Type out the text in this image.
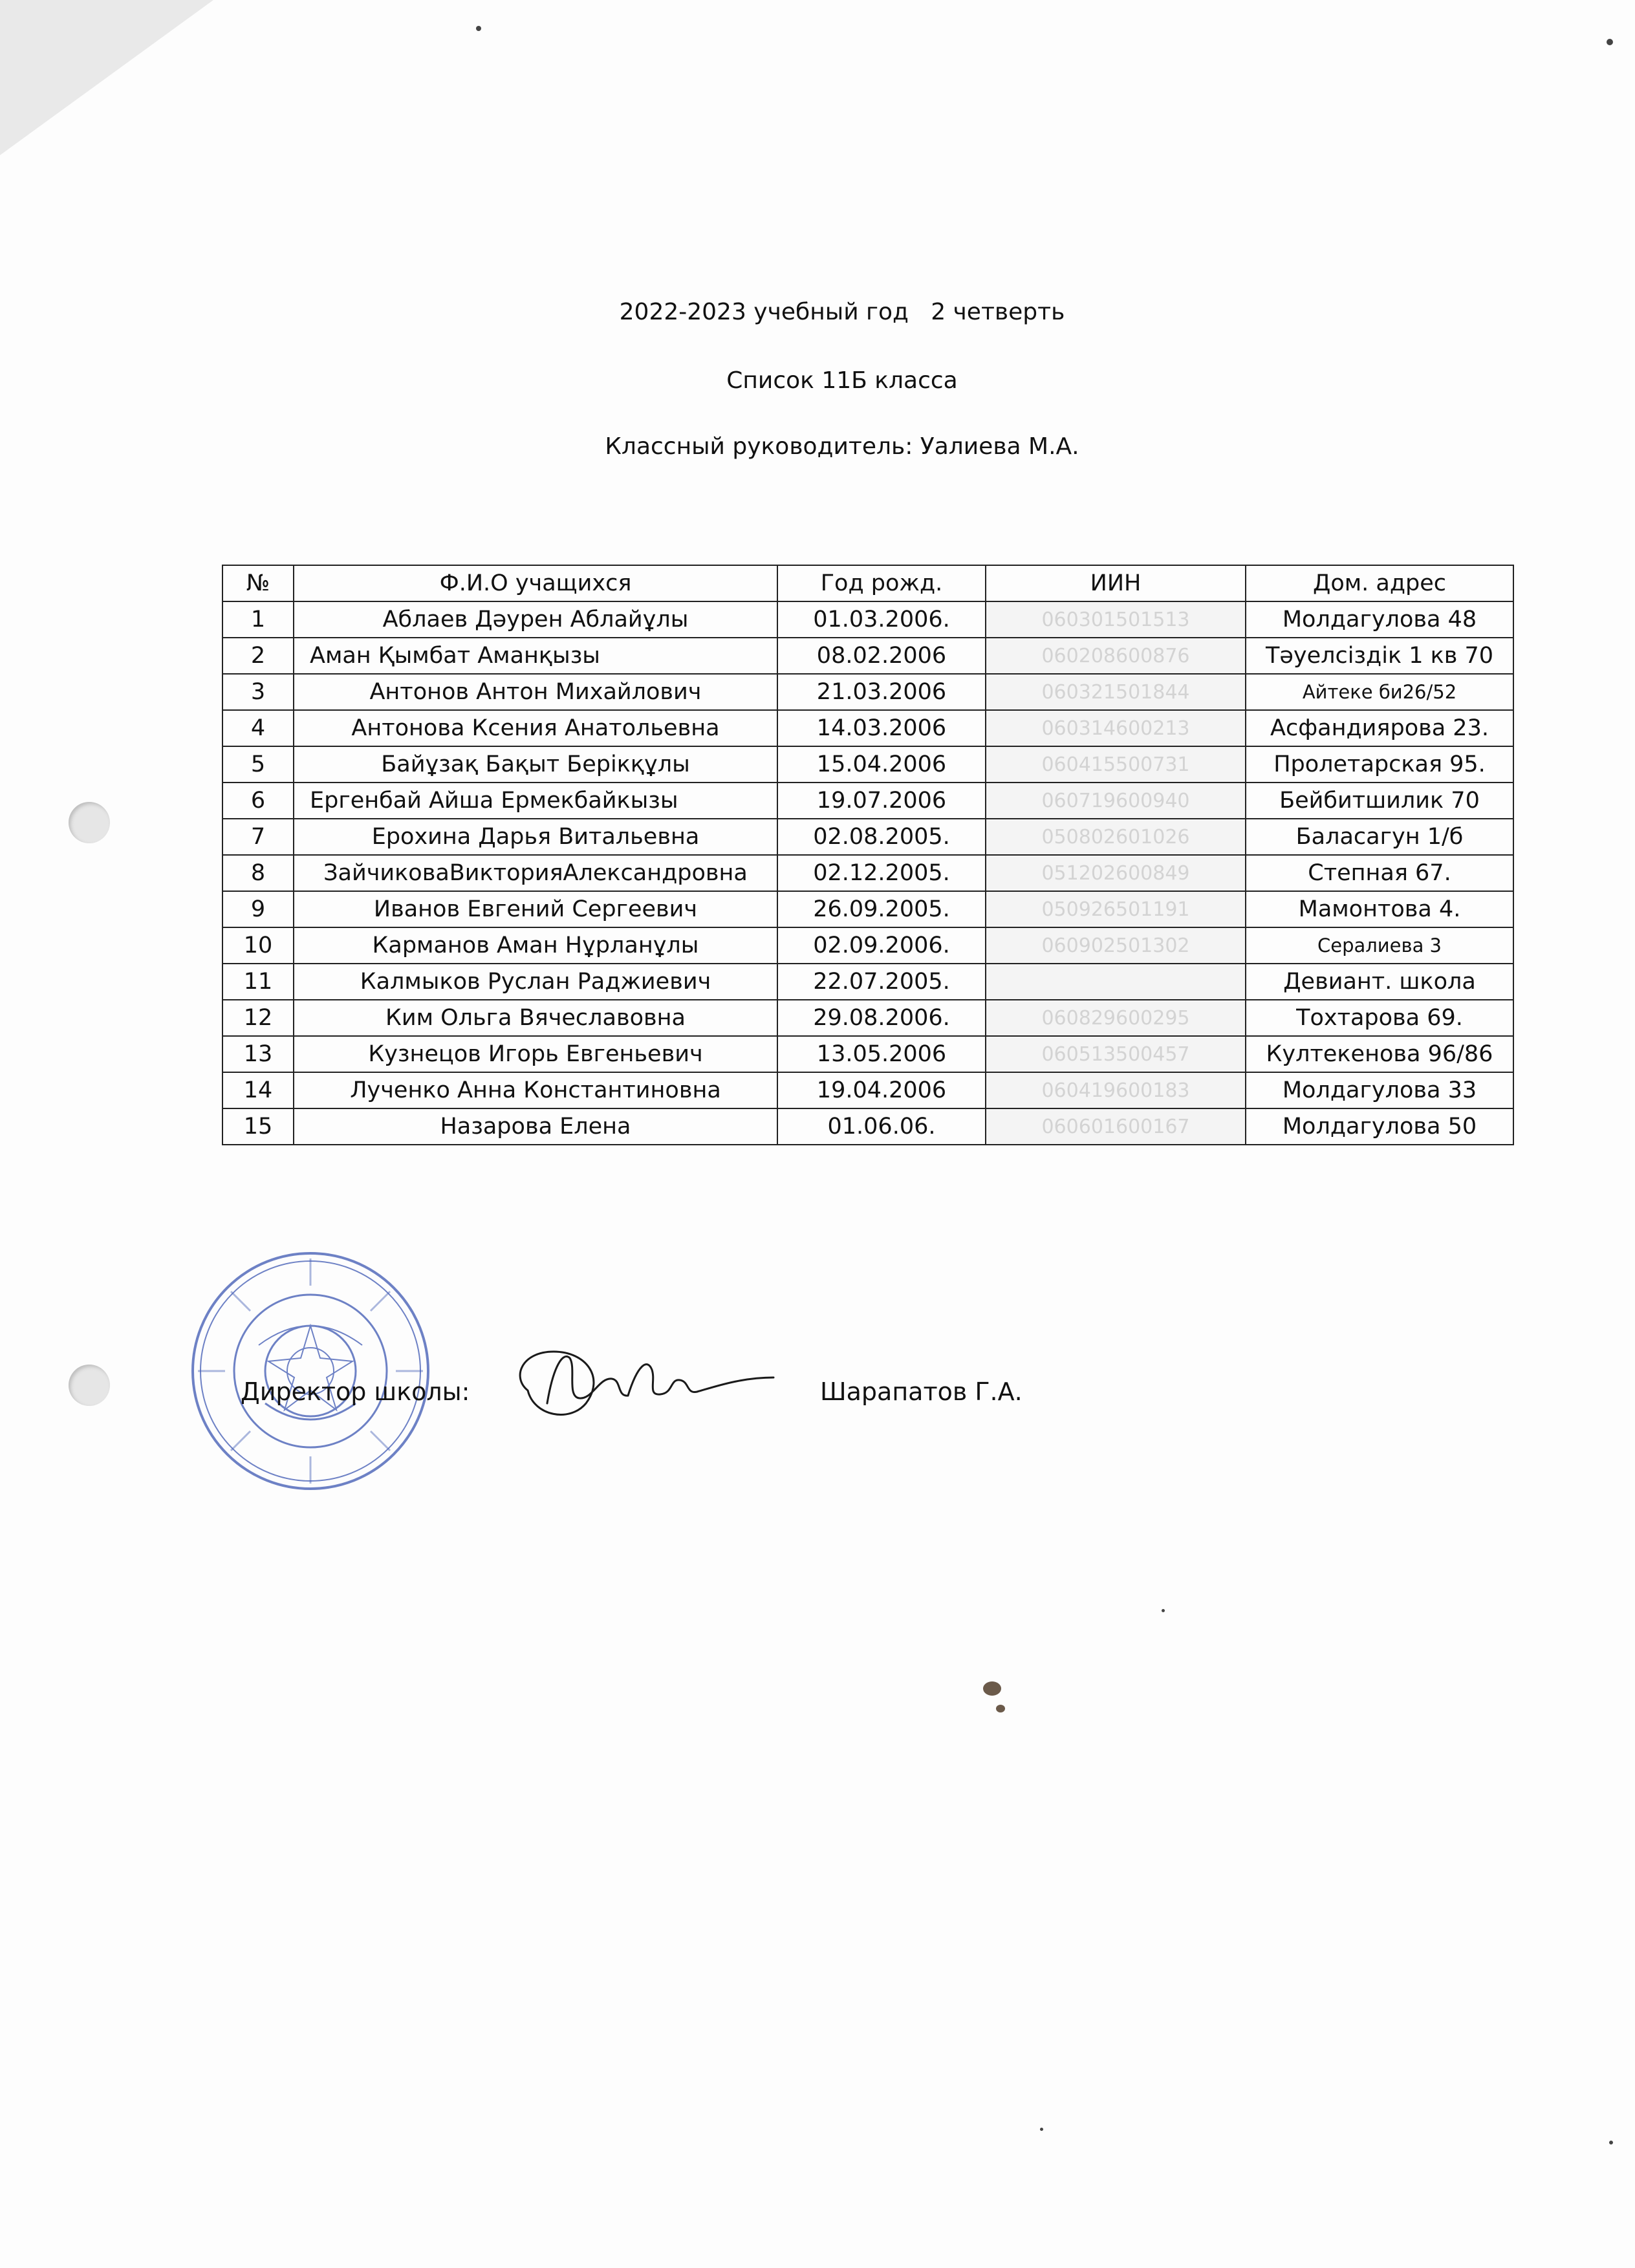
2022-2023 учебный год   2 четверть
Список 11Б класса
Классный руководитель: Уалиева М.А.
№	Ф.И.О учащихся	Год рожд.	ИИН	Дом. адрес
1	Аблаев Дәурен Аблайұлы	01.03.2006.	060301501513	Молдагулова 48
2	Аман Қымбат Аманқызы	08.02.2006	060208600876	Тәуелсіздік 1 кв 70
3	Антонов Антон Михайлович	21.03.2006	060321501844	Айтеке би26/52
4	Антонова Ксения Анатольевна	14.03.2006	060314600213	Асфандиярова 23.
5	Байұзақ Бақыт Берікқұлы	15.04.2006	060415500731	Пролетарская 95.
6	Ергенбай Айша Ермекбайкызы	19.07.2006	060719600940	Бейбитшилик 70
7	Ерохина Дарья Витальевна	02.08.2005.	050802601026	Баласагун 1/б
8	ЗайчиковаВикторияАлександровна	02.12.2005.	051202600849	Степная 67.
9	Иванов Евгений Сергеевич	26.09.2005.	050926501191	Мамонтова 4.
10	Карманов Аман Нұрланұлы	02.09.2006.	060902501302	Ceралиева 3
11	Калмыков Руслан Раджиевич	22.07.2005.		Девиант. школа
12	Ким Ольга Вячеславовна	29.08.2006.	060829600295	Тохтарова 69.
13	Кузнецов Игорь Евгеньевич	13.05.2006	060513500457	Култекенова 96/86
14	Лученко Анна Константиновна	19.04.2006	060419600183	Молдагулова 33
15	Назарова Елена	01.06.06.	060601600167	Молдагулова 50
Директор школы:	Шарапатов Г.А.
